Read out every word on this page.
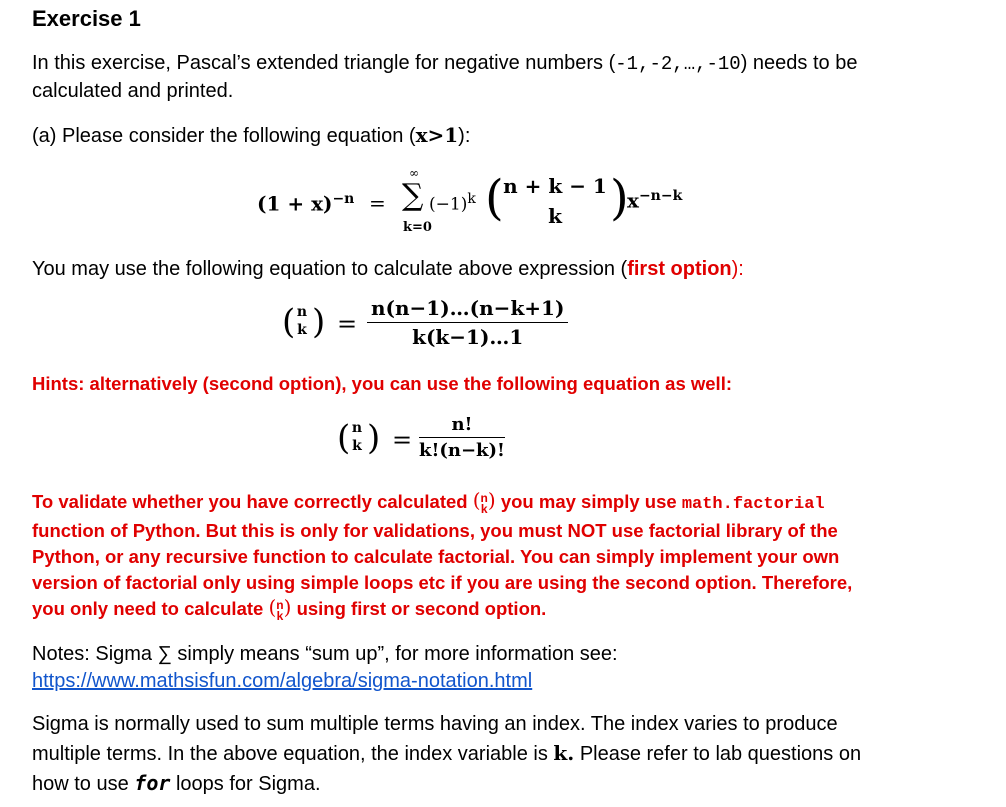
Exercise 1

In this exercise, Pascal’s extended triangle for negative numbers (-1,-2,…,-10) needs to be calculated and printed.

(a) Please consider the following equation (x>1):

$(1 + x)^{-n}$ =
∞
∑
k=0
$(-1)^k$ ( n + k − 1
k	)
$x^{-n-k}$

You may use the following equation to calculate above expression (first option):

( n
k ) = $\frac{n(n-1)\dots(n-k+1)}{k(k-1)\dots 1}$

Hints: alternatively (second option), you can use the following equation as well:

( n
k ) = $\frac{n!}{k!(n-k)!}$
To validate whether you have correctly calculated ( n
k ) you may simply use math.factorial
function of Python. But this is only for validations, you must NOT use factorial library of the
Python, or any recursive function to calculate factorial. You can simply implement your own
version of factorial only using simple loops etc if you are using the second option. Therefore,
you only need to calculate ( n
k ) using first or second option.
Notes: Sigma ∑ simply means “sum up”, for more information see:
https://www.mathsisfun.com/algebra/sigma-notation.html
Sigma is normally used to sum multiple terms having an index. The index varies to produce
multiple terms. In the above equation, the index variable is k. Please refer to lab questions on
how to use for loops for Sigma.
